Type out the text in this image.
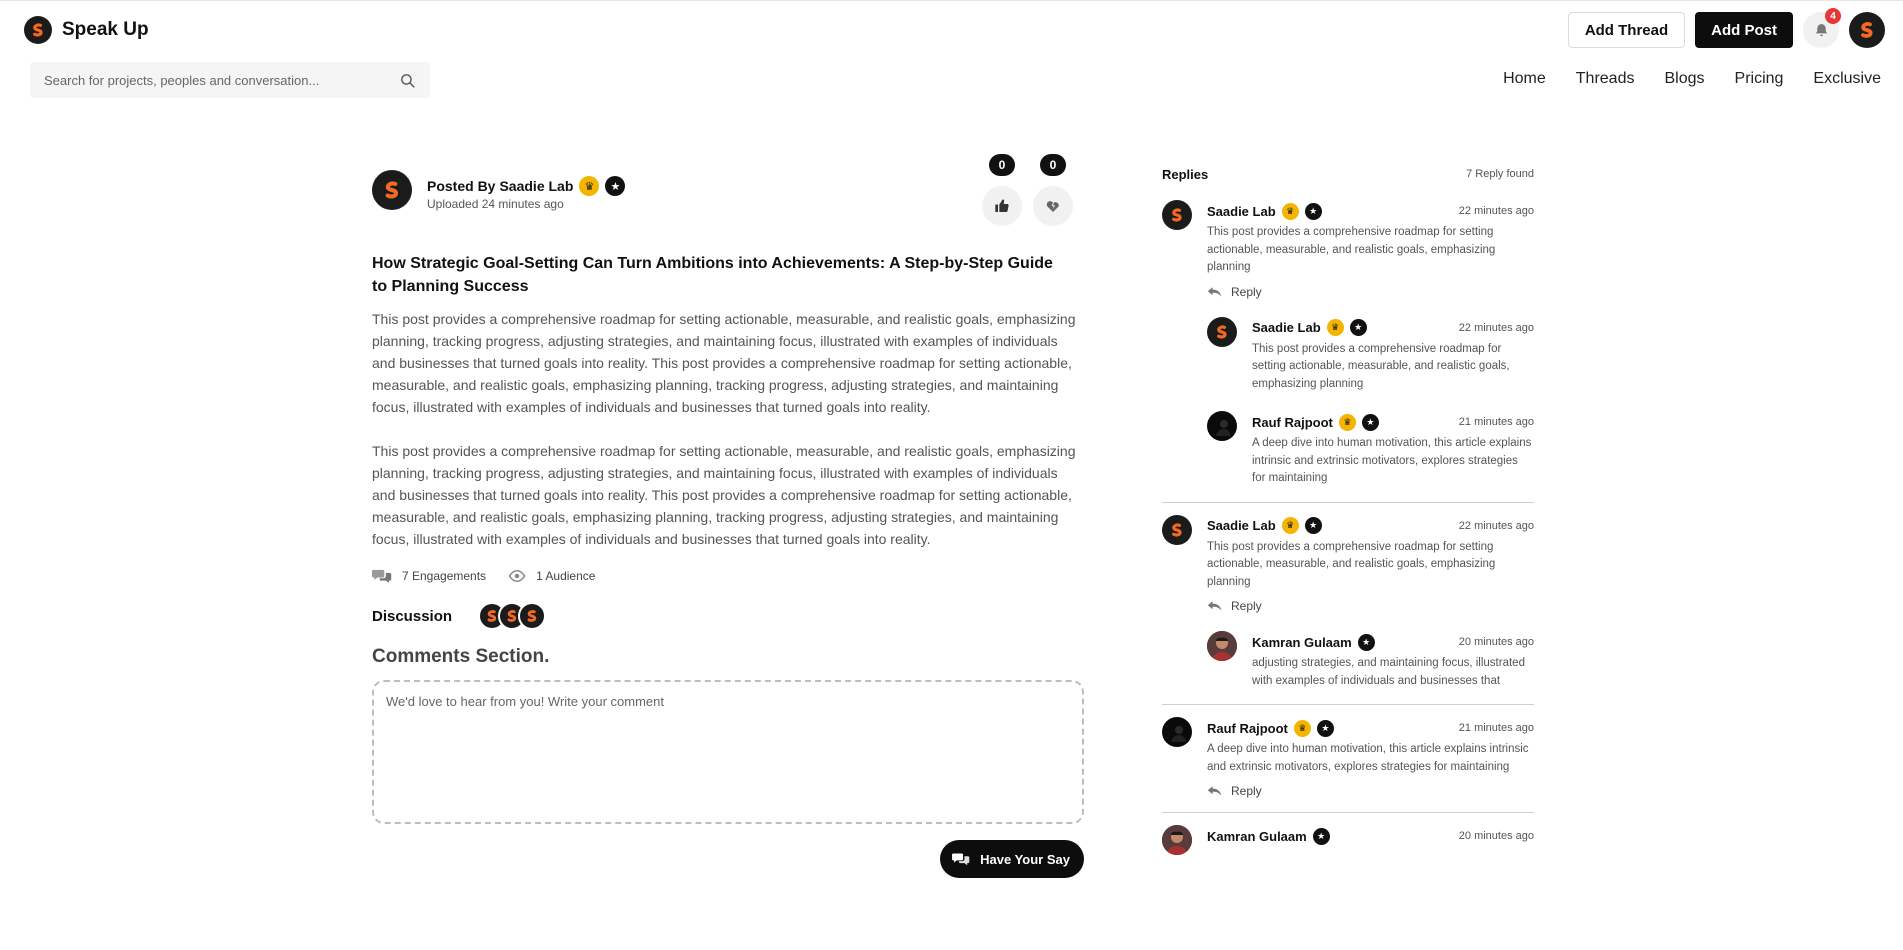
Speak Up	Add Thread	Add Post
4
Search for projects, peoples and conversation...
Home Threads Blogs Pricing Exclusive
Posted By Saadie Lab	♛	★
Uploaded 24 minutes ago
0	0
How Strategic Goal-Setting Can Turn Ambitions into Achievements: A Step-by-Step Guide to Planning Success

This post provides a comprehensive roadmap for setting actionable, measurable, and realistic goals, emphasizing planning, tracking progress, adjusting strategies, and maintaining focus, illustrated with examples of individuals and businesses that turned goals into reality. This post provides a comprehensive roadmap for setting actionable, measurable, and realistic goals, emphasizing planning, tracking progress, adjusting strategies, and maintaining focus, illustrated with examples of individuals and businesses that turned goals into reality.

This post provides a comprehensive roadmap for setting actionable, measurable, and realistic goals, emphasizing planning, tracking progress, adjusting strategies, and maintaining focus, illustrated with examples of individuals and businesses that turned goals into reality. This post provides a comprehensive roadmap for setting actionable, measurable, and realistic goals, emphasizing planning, tracking progress, adjusting strategies, and maintaining focus, illustrated with examples of individuals and businesses that turned goals into reality.

7 Engagements	1 Audience
Discussion
Comments Section.
We'd love to hear from you! Write your comment
Have Your Say
Replies	7 Reply found
Saadie Lab	♛	★	22 minutes ago
This post provides a comprehensive roadmap for setting actionable, measurable, and realistic goals, emphasizing planning
Reply
Saadie Lab	♛	★	22 minutes ago
This post provides a comprehensive roadmap for setting actionable, measurable, and realistic goals, emphasizing planning
Rauf Rajpoot	♛	★	21 minutes ago
A deep dive into human motivation, this article explains intrinsic and extrinsic motivators, explores strategies for maintaining
Saadie Lab	♛	★	22 minutes ago
This post provides a comprehensive roadmap for setting actionable, measurable, and realistic goals, emphasizing planning
Reply
Kamran Gulaam	★	20 minutes ago
adjusting strategies, and maintaining focus, illustrated with examples of individuals and businesses that
Rauf Rajpoot	♛	★	21 minutes ago
A deep dive into human motivation, this article explains intrinsic and extrinsic motivators, explores strategies for maintaining
Reply
Kamran Gulaam	★	20 minutes ago
